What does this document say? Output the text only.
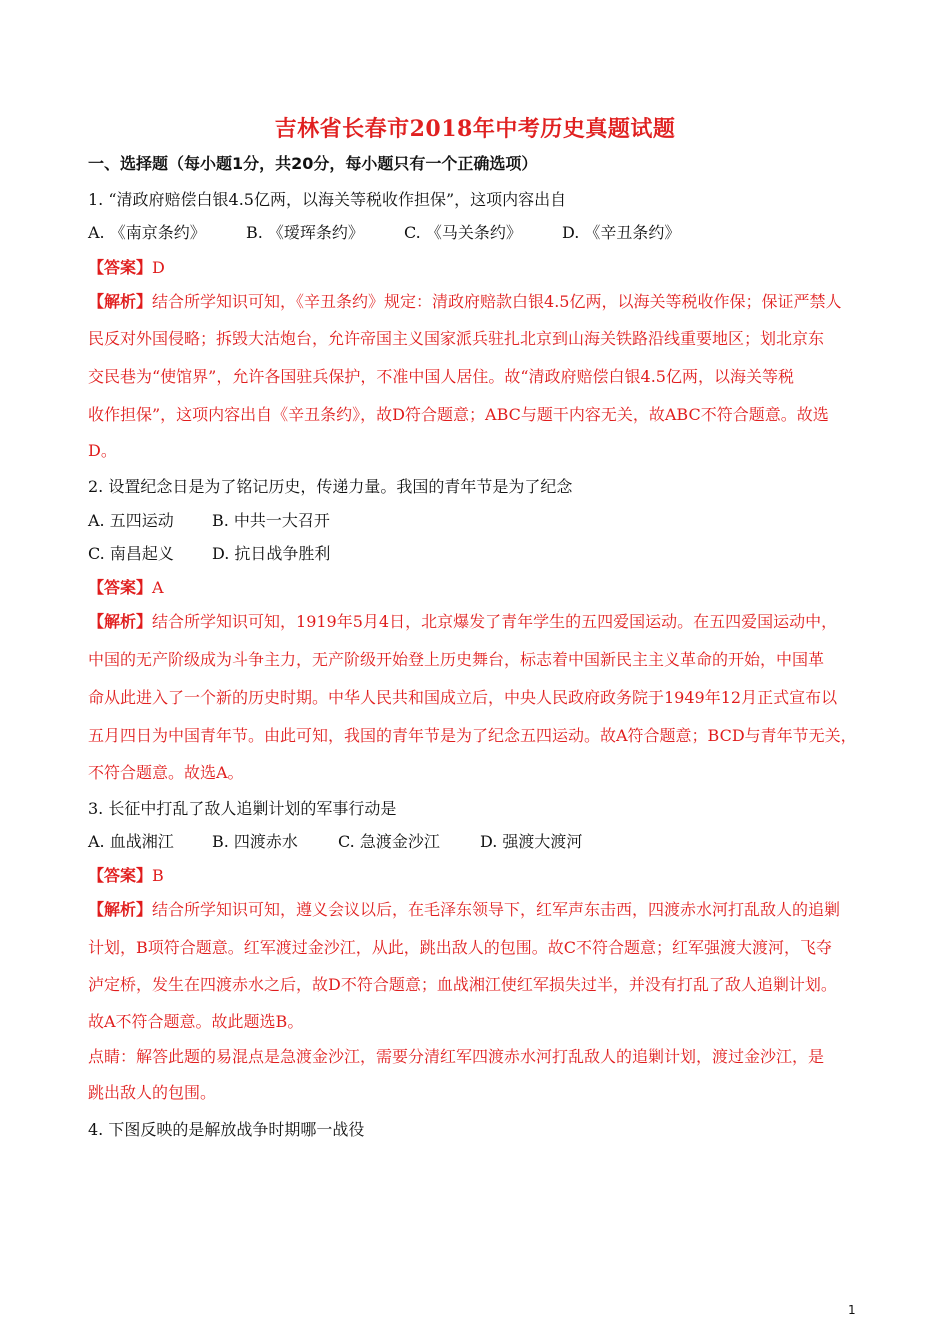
吉林省长春市2018年中考历史真题试题
一、选择题（每小题1分，共20分，每小题只有一个正确选项）
1. “清政府赔偿白银4.5亿两，以海关等税收作担保”，这项内容出自
A. 《南京条约》	B. 《瑷珲条约》	C. 《马关条约》	D. 《辛丑条约》
【答案】D
【解析】结合所学知识可知，《辛丑条约》规定：清政府赔款白银4.5亿两，以海关等税收作保；保证严禁人
民反对外国侵略；拆毁大沽炮台，允许帝国主义国家派兵驻扎北京到山海关铁路沿线重要地区；划北京东
交民巷为“使馆界”，允许各国驻兵保护，不准中国人居住。故“清政府赔偿白银4.5亿两，以海关等税
收作担保”，这项内容出自《辛丑条约》，故D符合题意；ABC与题干内容无关，故ABC不符合题意。故选
D。
2. 设置纪念日是为了铭记历史，传递力量。我国的青年节是为了纪念
A. 五四运动 B. 中共一大召开
C. 南昌起义 D. 抗日战争胜利
【答案】A
【解析】结合所学知识可知，1919年5月4日，北京爆发了青年学生的五四爱国运动。在五四爱国运动中，
中国的无产阶级成为斗争主力，无产阶级开始登上历史舞台，标志着中国新民主主义革命的开始，中国革
命从此进入了一个新的历史时期。中华人民共和国成立后，中央人民政府政务院于1949年12月正式宣布以
五月四日为中国青年节。由此可知，我国的青年节是为了纪念五四运动。故A符合题意；BCD与青年节无关，
不符合题意。故选A。
3. 长征中打乱了敌人追剿计划的军事行动是
A. 血战湘江 B. 四渡赤水	C. 急渡金沙江	D. 强渡大渡河
【答案】B
【解析】结合所学知识可知，遵义会议以后，在毛泽东领导下，红军声东击西，四渡赤水河打乱敌人的追剿
计划，B项符合题意。红军渡过金沙江，从此，跳出敌人的包围。故C不符合题意；红军强渡大渡河，飞夺
泸定桥，发生在四渡赤水之后，故D不符合题意；血战湘江使红军损失过半，并没有打乱了敌人追剿计划。
故A不符合题意。故此题选B。
点睛：解答此题的易混点是急渡金沙江，需要分清红军四渡赤水河打乱敌人的追剿计划，渡过金沙江，是
跳出敌人的包围。
4. 下图反映的是解放战争时期哪一战役
1
